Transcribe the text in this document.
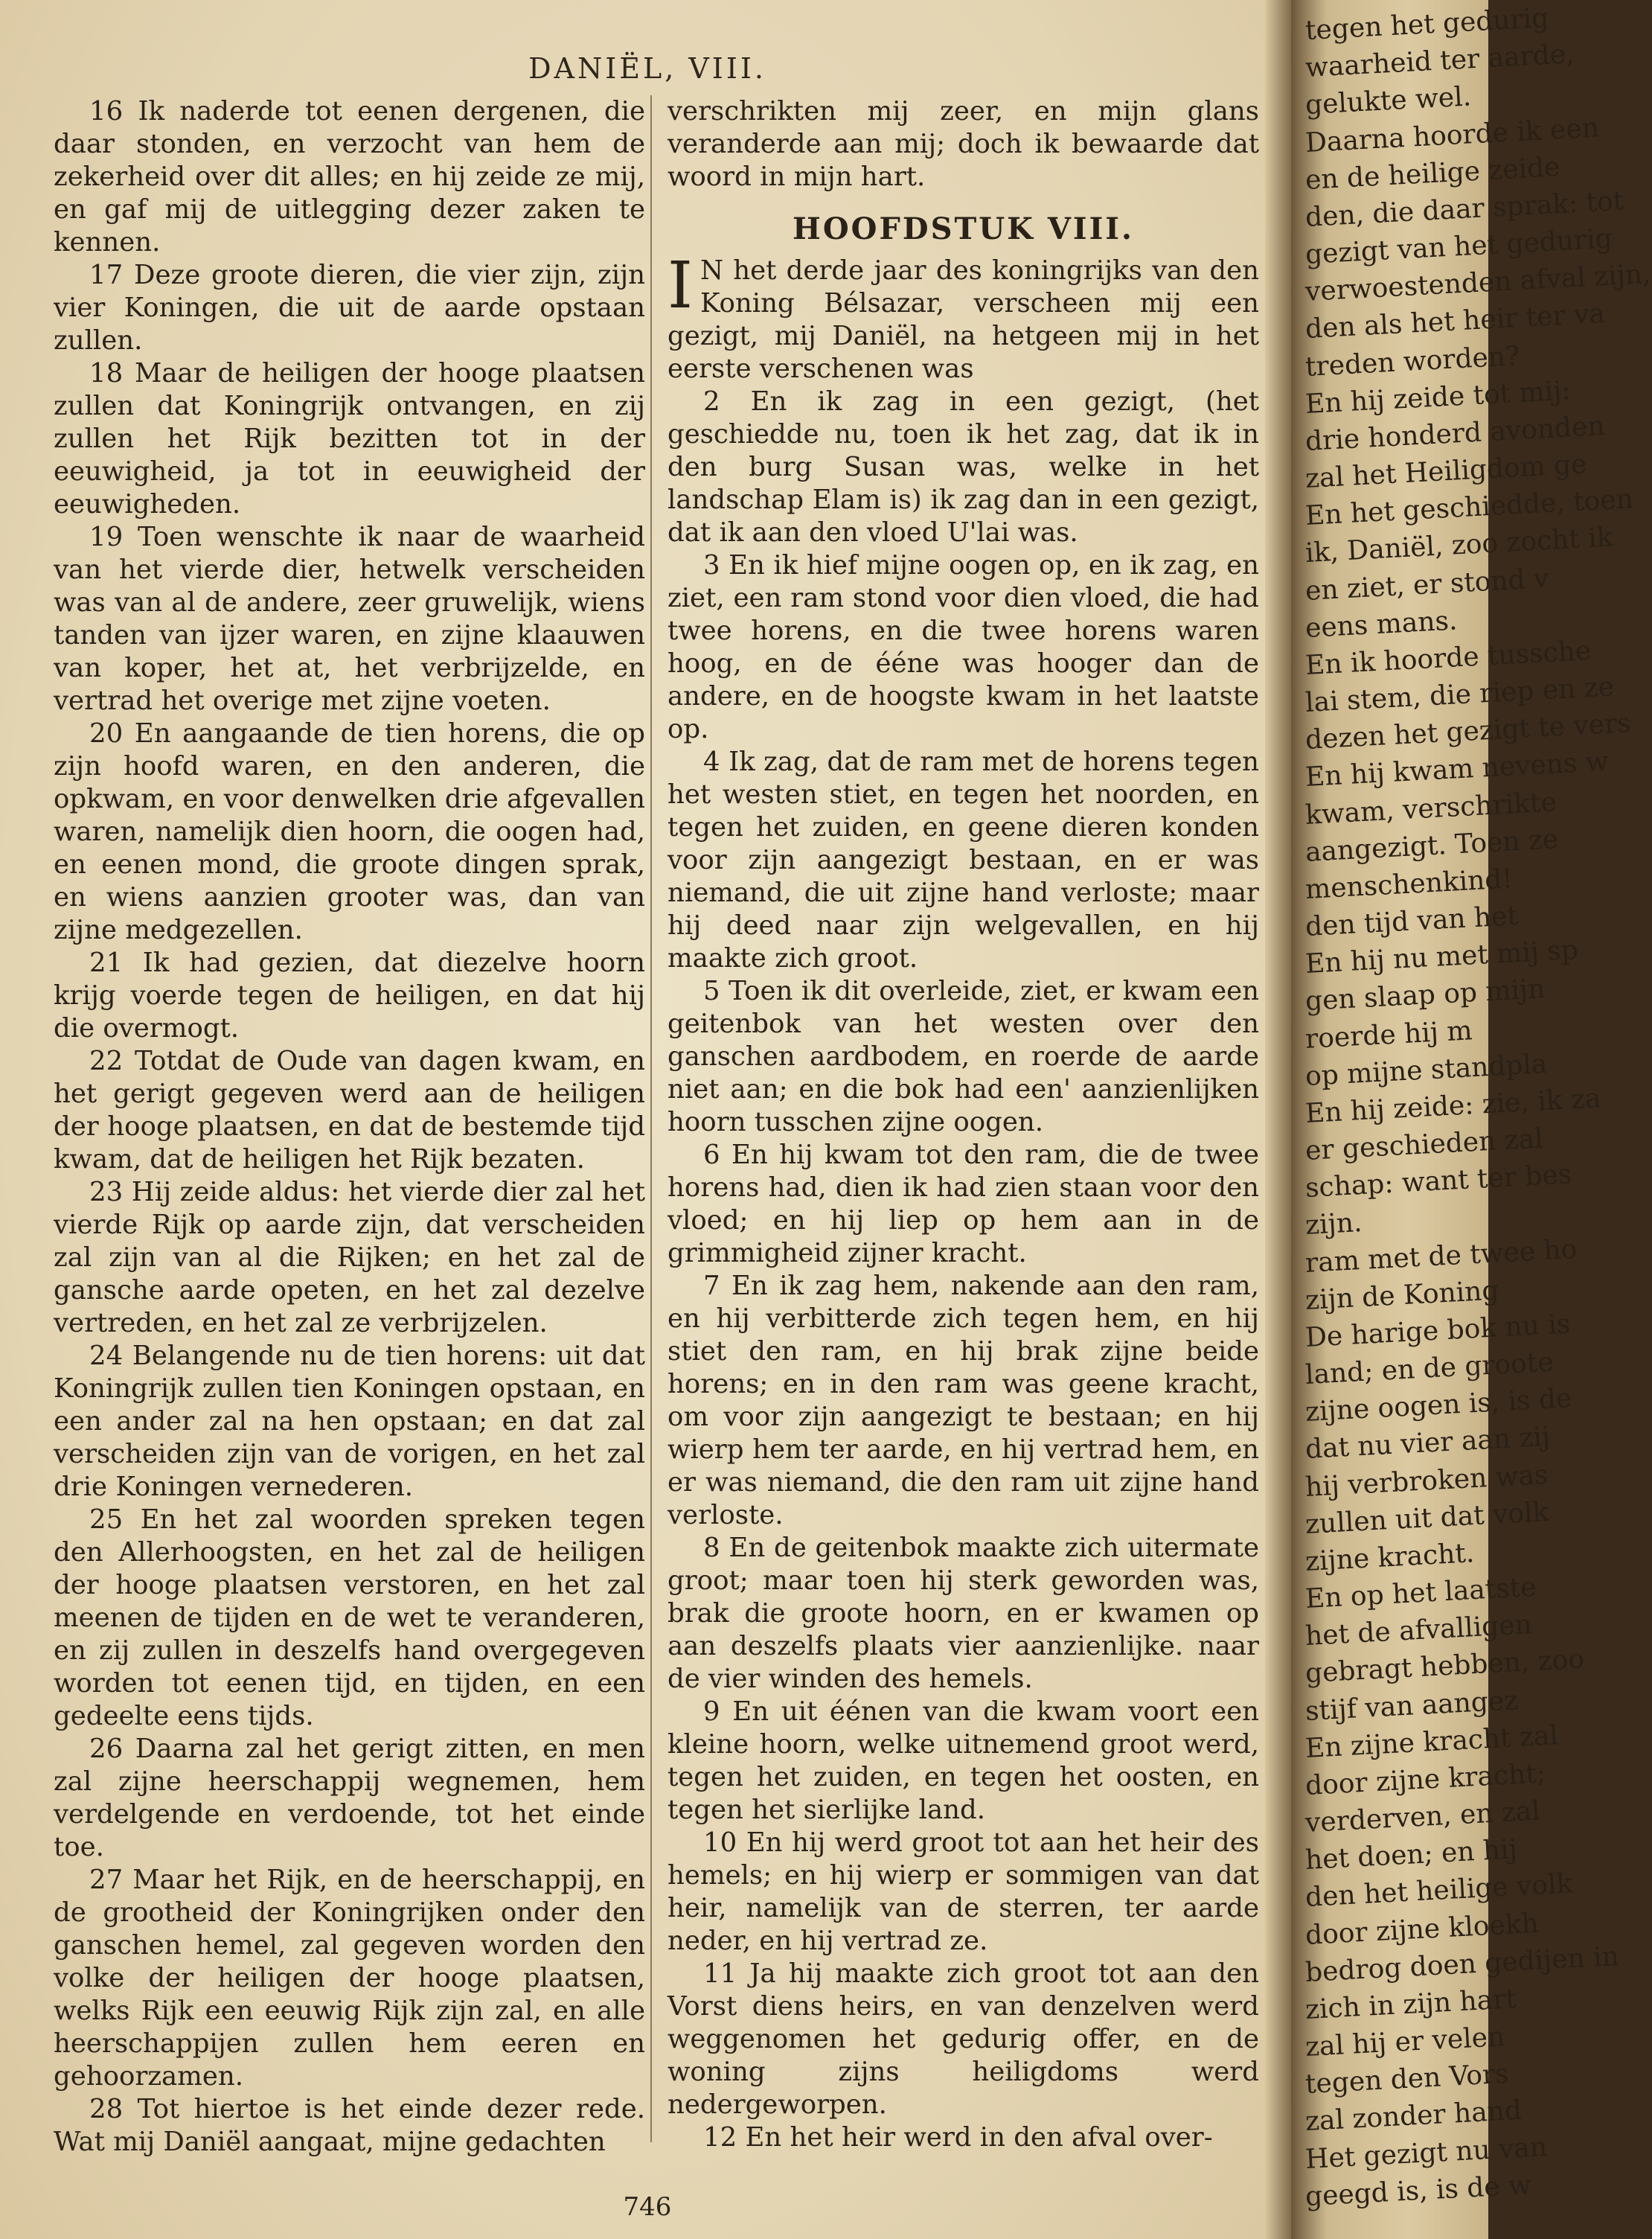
DANIËL, VIII.

16 Ik naderde tot eenen dergenen, die daar stonden, en verzocht van hem de zekerheid over dit alles; en hij zeide ze mij, en gaf mij de uitlegging dezer zaken te kennen.

17 Deze groote dieren, die vier zijn, zijn vier Koningen, die uit de aarde opstaan zullen.

18 Maar de heiligen der hooge plaatsen zullen dat Koningrijk ontvangen, en zij zullen het Rijk bezitten tot in der eeuwigheid, ja tot in eeuwigheid der eeuwigheden.

19 Toen wenschte ik naar de waarheid van het vierde dier, hetwelk verscheiden was van al de andere, zeer gruwelijk, wiens tanden van ijzer waren, en zijne klaauwen van koper, het at, het verbrijzelde, en vertrad het overige met zijne voeten.

20 En aangaande de tien horens, die op zijn hoofd waren, en den anderen, die opkwam, en voor denwelken drie afgevallen waren, namelijk dien hoorn, die oogen had, en eenen mond, die groote dingen sprak, en wiens aanzien grooter was, dan van zijne medgezellen.

21 Ik had gezien, dat diezelve hoorn krijg voerde tegen de heiligen, en dat hij die overmogt.

22 Totdat de Oude van dagen kwam, en het gerigt gegeven werd aan de heiligen der hooge plaatsen, en dat de bestemde tijd kwam, dat de heiligen het Rijk bezaten.

23 Hij zeide aldus: het vierde dier zal het vierde Rijk op aarde zijn, dat verscheiden zal zijn van al die Rijken; en het zal de gansche aarde opeten, en het zal dezelve vertreden, en het zal ze verbrijzelen.

24 Belangende nu de tien horens: uit dat Koningrijk zullen tien Koningen opstaan, en een ander zal na hen opstaan; en dat zal verscheiden zijn van de vorigen, en het zal drie Koningen vernederen.

25 En het zal woorden spreken tegen den Allerhoogsten, en het zal de heiligen der hooge plaatsen verstoren, en het zal meenen de tijden en de wet te veranderen, en zij zullen in deszelfs hand overgegeven worden tot eenen tijd, en tijden, en een gedeelte eens tijds.

26 Daarna zal het gerigt zitten, en men zal zijne heerschappij wegnemen, hem verdelgende en verdoende, tot het einde toe.

27 Maar het Rijk, en de heerschappij, en de grootheid der Koningrijken onder den ganschen hemel, zal gegeven worden den volke der heiligen der hooge plaatsen, welks Rijk een eeuwig Rijk zijn zal, en alle heerschappijen zullen hem eeren en gehoorzamen.

28 Tot hiertoe is het einde dezer rede. Wat mij Daniël aangaat, mijne gedachten

verschrikten mij zeer, en mijn glans veranderde aan mij; doch ik bewaarde dat woord in mijn hart.

HOOFDSTUK VIII.

I N het derde jaar des koningrijks van den Koning Bélsazar, verscheen mij een gezigt, mij Daniël, na hetgeen mij in het eerste verschenen was

2 En ik zag in een gezigt, (het geschiedde nu, toen ik het zag, dat ik in den burg Susan was, welke in het landschap Elam is) ik zag dan in een gezigt, dat ik aan den vloed U'lai was.

3 En ik hief mijne oogen op, en ik zag, en ziet, een ram stond voor dien vloed, die had twee horens, en die twee horens waren hoog, en de ééne was hooger dan de andere, en de hoogste kwam in het laatste op.

4 Ik zag, dat de ram met de horens tegen het westen stiet, en tegen het noorden, en tegen het zuiden, en geene dieren konden voor zijn aangezigt bestaan, en er was niemand, die uit zijne hand verloste; maar hij deed naar zijn welgevallen, en hij maakte zich groot.

5 Toen ik dit overleide, ziet, er kwam een geitenbok van het westen over den ganschen aardbodem, en roerde de aarde niet aan; en die bok had een' aanzienlijken hoorn tusschen zijne oogen.

6 En hij kwam tot den ram, die de twee horens had, dien ik had zien staan voor den vloed; en hij liep op hem aan in de grimmigheid zijner kracht.

7 En ik zag hem, nakende aan den ram, en hij verbitterde zich tegen hem, en hij stiet den ram, en hij brak zijne beide horens; en in den ram was geene kracht, om voor zijn aangezigt te bestaan; en hij wierp hem ter aarde, en hij vertrad hem, en er was niemand, die den ram uit zijne hand verloste.

8 En de geitenbok maakte zich uitermate groot; maar toen hij sterk geworden was, brak die groote hoorn, en er kwamen op aan deszelfs plaats vier aanzienlijke. naar de vier winden des hemels.

9 En uit éénen van die kwam voort een kleine hoorn, welke uitnemend groot werd, tegen het zuiden, en tegen het oosten, en tegen het sierlijke land.

10 En hij werd groot tot aan het heir des hemels; en hij wierp er sommigen van dat heir, namelijk van de sterren, ter aarde neder, en hij vertrad ze.

11 Ja hij maakte zich groot tot aan den Vorst diens heirs, en van denzelven werd weggenomen het gedurig offer, en de woning zijns heiligdoms werd nedergeworpen.

12 En het heir werd in den afval over-

746
tegen het gedurig
waarheid ter aarde,
gelukte wel.
Daarna hoorde ik een
en de heilige zeide
den, die daar sprak: tot
gezigt van het gedurig
verwoestenden afval zijn,
den als het heir ter va
treden worden?
En hij zeide tot mij:
drie honderd avonden
zal het Heiligdom ge
En het geschiedde, toen
ik, Daniël, zoo zocht ik
en ziet, er stond v
eens mans.
En ik hoorde tussche
lai stem, die riep en ze
dezen het gezigt te vers
En hij kwam nevens w
kwam, verschrikte
aangezigt. Toen ze
menschenkind!
den tijd van het
En hij nu met mij sp
gen slaap op mijn
roerde hij m
op mijne standpla
En hij zeide: zie, ik za
er geschieden zal
schap: want ter bes
zijn.
ram met de twee ho
zijn de Koning
De harige bok nu is
land; en de groote
zijne oogen is, is de
dat nu vier aan zij
hij verbroken was
zullen uit dat volk
zijne kracht.
En op het laatste
het de afvalligen
gebragt hebben, zoo
stijf van aangez
En zijne kracht zal
door zijne kracht;
verderven, en zal
het doen; en hij
den het heilige volk
door zijne kloekh
bedrog doen gedijen in
zich in zijn hart
zal hij er velen
tegen den Vors
zal zonder hand
Het gezigt nu van
geegd is, is de w
